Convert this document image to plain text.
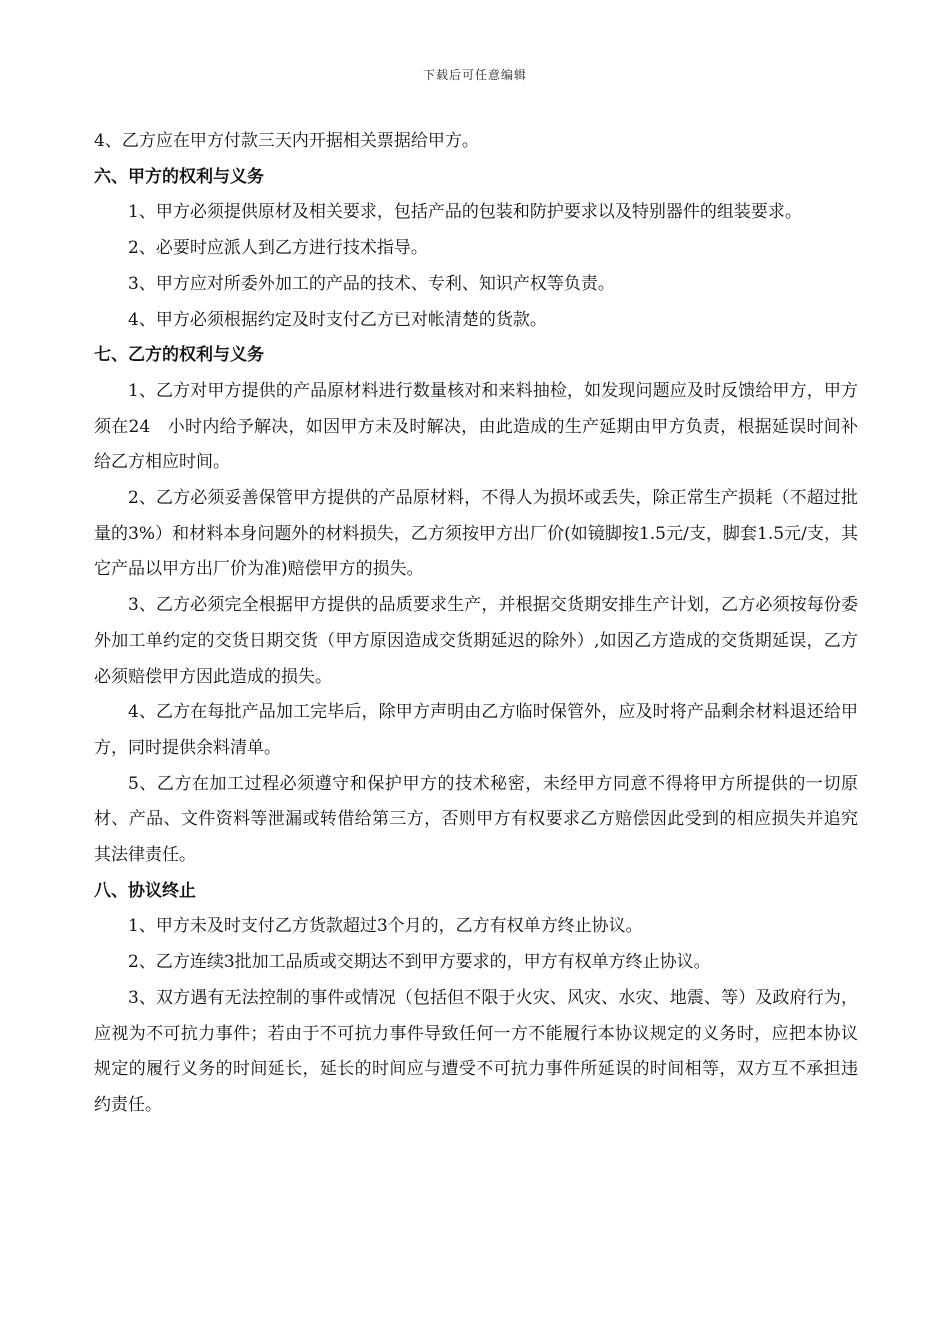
下载后可任意编辑

4、乙方应在甲方付款三天内开据相关票据给甲方。

六、甲方的权利与义务

1、甲方必须提供原材及相关要求，包括产品的包装和防护要求以及特别器件的组装要求。

2、必要时应派人到乙方进行技术指导。

3、甲方应对所委外加工的产品的技术、专利、知识产权等负责。

4、甲方必须根据约定及时支付乙方已对帐清楚的货款。

七、乙方的权利与义务

1、乙方对甲方提供的产品原材料进行数量核对和来料抽检，如发现问题应及时反馈给甲方，甲方须在24　小时内给予解决，如因甲方未及时解决，由此造成的生产延期由甲方负责，根据延误时间补给乙方相应时间。

2、乙方必须妥善保管甲方提供的产品原材料，不得人为损坏或丢失，除正常生产损耗（不超过批量的3%）和材料本身问题外的材料损失，乙方须按甲方出厂价(如镜脚按1.5元/支，脚套1.5元/支，其它产品以甲方出厂价为准)赔偿甲方的损失。

3、乙方必须完全根据甲方提供的品质要求生产，并根据交货期安排生产计划，乙方必须按每份委外加工单约定的交货日期交货（甲方原因造成交货期延迟的除外）,如因乙方造成的交货期延误，乙方必须赔偿甲方因此造成的损失。

4、乙方在每批产品加工完毕后，除甲方声明由乙方临时保管外，应及时将产品剩余材料退还给甲方，同时提供余料清单。

5、乙方在加工过程必须遵守和保护甲方的技术秘密，未经甲方同意不得将甲方所提供的一切原材、产品、文件资料等泄漏或转借给第三方，否则甲方有权要求乙方赔偿因此受到的相应损失并追究其法律责任。

八、协议终止

1、甲方未及时支付乙方货款超过3个月的，乙方有权单方终止协议。

2、乙方连续3批加工品质或交期达不到甲方要求的，甲方有权单方终止协议。

3、双方遇有无法控制的事件或情况（包括但不限于火灾、风灾、水灾、地震、等）及政府行为，应视为不可抗力事件；若由于不可抗力事件导致任何一方不能履行本协议规定的义务时，应把本协议规定的履行义务的时间延长，延长的时间应与遭受不可抗力事件所延误的时间相等，双方互不承担违约责任。
